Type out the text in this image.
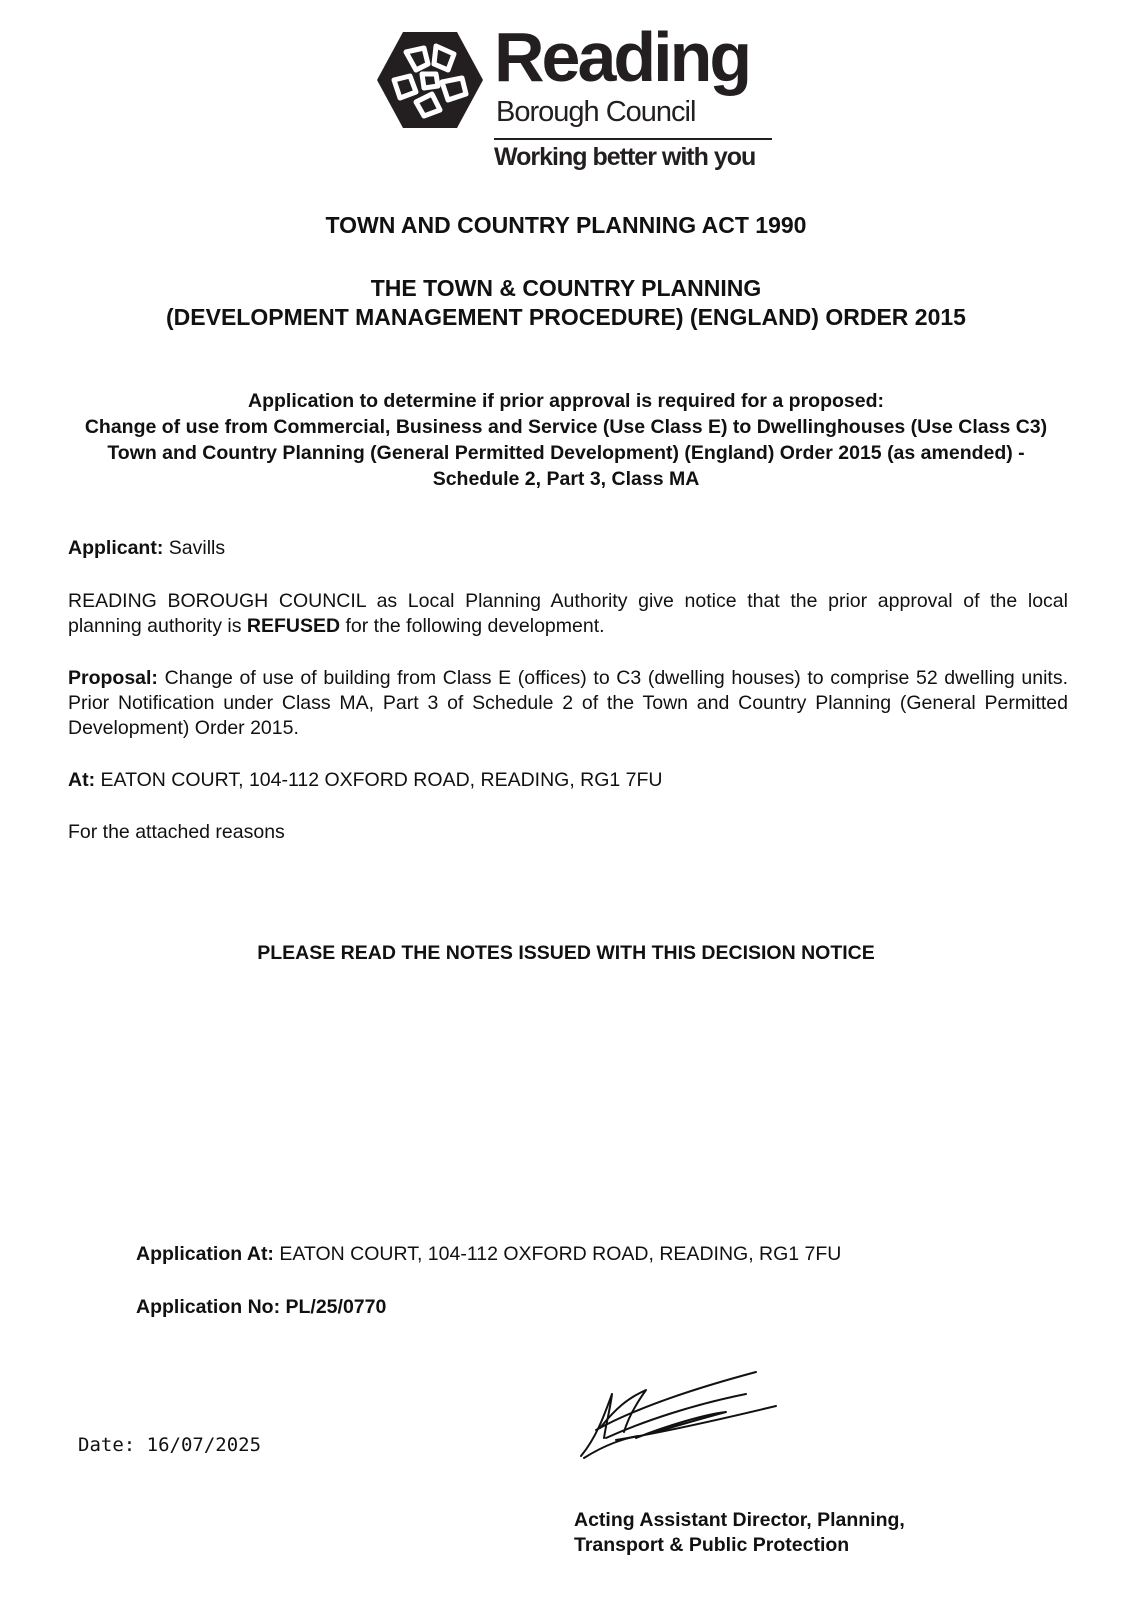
Reading
Borough Council
Working better with you
TOWN AND COUNTRY PLANNING ACT 1990
THE TOWN & COUNTRY PLANNING
(DEVELOPMENT MANAGEMENT PROCEDURE) (ENGLAND) ORDER 2015
Application to determine if prior approval is required for a proposed:
Change of use from Commercial, Business and Service (Use Class E) to Dwellinghouses (Use Class C3)
Town and Country Planning (General Permitted Development) (England) Order 2015 (as amended) - Schedule 2, Part 3, Class MA
Applicant: Savills
READING BOROUGH COUNCIL as Local Planning Authority give notice that the prior approval of the local planning authority is REFUSED for the following development.
Proposal: Change of use of building from Class E (offices) to C3 (dwelling houses) to comprise 52 dwelling units. Prior Notification under Class MA, Part 3 of Schedule 2 of the Town and Country Planning (General Permitted Development) Order 2015.
At: EATON COURT, 104-112 OXFORD ROAD, READING, RG1 7FU
For the attached reasons
PLEASE READ THE NOTES ISSUED WITH THIS DECISION NOTICE
Application At: EATON COURT, 104-112 OXFORD ROAD, READING, RG1 7FU
Application No: PL/25/0770
Date: 16/07/2025
Acting Assistant Director, Planning,
Transport & Public Protection
